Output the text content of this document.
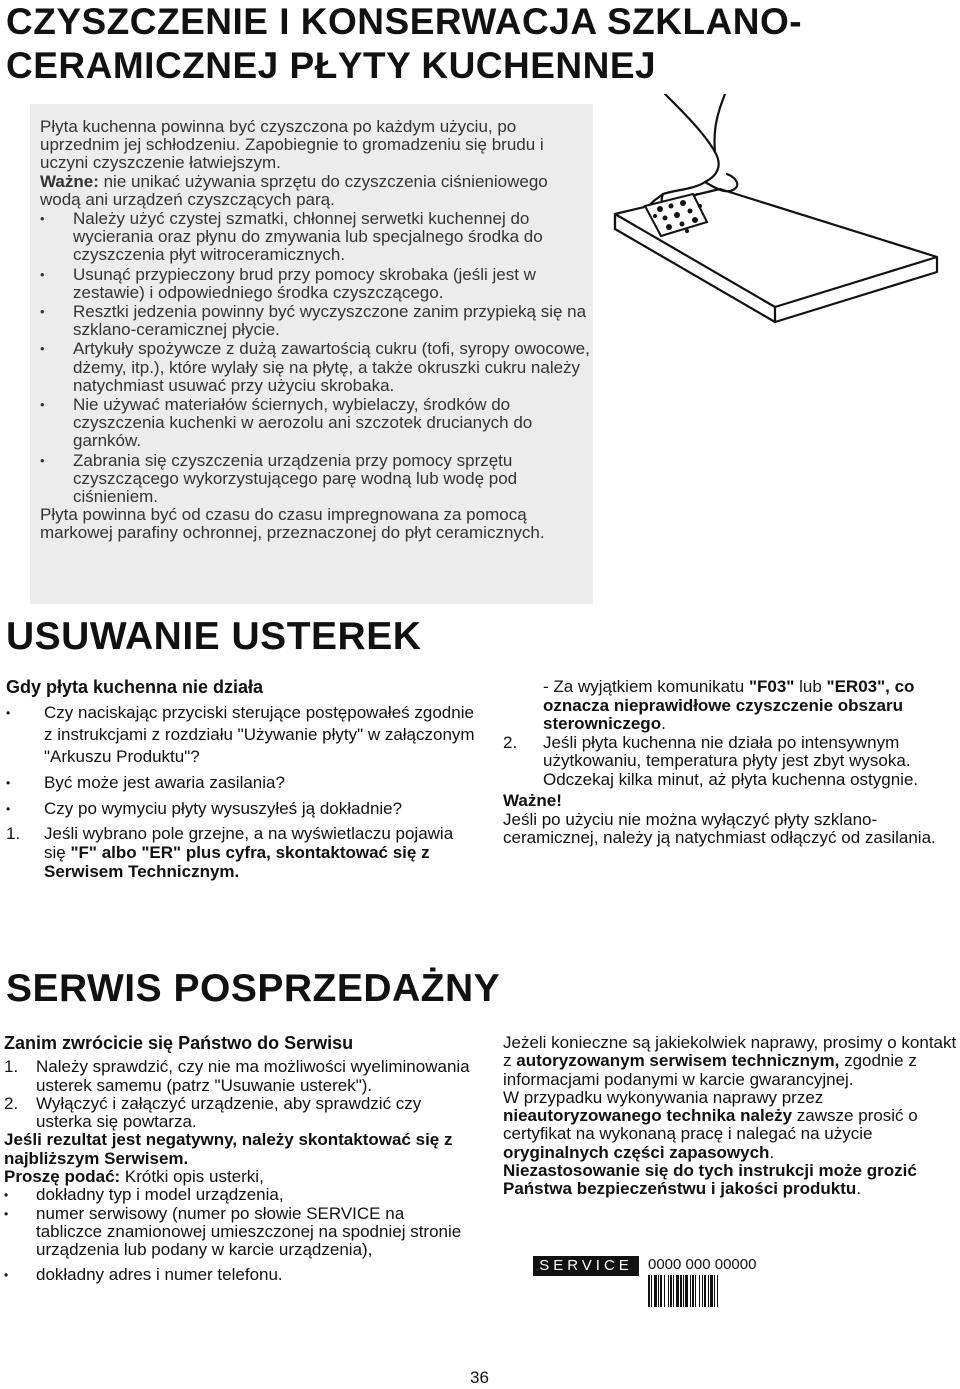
CZYSZCZENIE I KONSERWACJA SZKLANO-
CERAMICZNEJ PŁYTY KUCHENNEJ

Płyta kuchenna powinna być czyszczona po każdym użyciu, po uprzednim jej schłodzeniu. Zapobiegnie to gromadzeniu się brudu i uczyni czyszczenie łatwiejszym.

Ważne: nie unikać używania sprzętu do czyszczenia ciśnieniowego wodą ani urządzeń czyszczących parą.

• Należy użyć czystej szmatki, chłonnej serwetki kuchennej do wycierania oraz płynu do zmywania lub specjalnego środka do czyszczenia płyt witroceramicznych.
• Usunąć przypieczony brud przy pomocy skrobaka (jeśli jest w zestawie) i odpowiedniego środka czyszczącego.
• Resztki jedzenia powinny być wyczyszczone zanim przypieką się na szklano-ceramicznej płycie.
• Artykuły spożywcze z dużą zawartością cukru (tofi, syropy owocowe, dżemy, itp.), które wylały się na płytę, a także okruszki cukru należy natychmiast usuwać przy użyciu skrobaka.
• Nie używać materiałów ściernych, wybielaczy, środków do czyszczenia kuchenki w aerozolu ani szczotek drucianych do garnków.
• Zabrania się czyszczenia urządzenia przy pomocy sprzętu czyszczącego wykorzystującego parę wodną lub wodę pod ciśnieniem.

Płyta powinna być od czasu do czasu impregnowana za pomocą markowej parafiny ochronnej, przeznaczonej do płyt ceramicznych.

USUWANIE USTEREK

Gdy płyta kuchenna nie działa

• Czy naciskając przyciski sterujące postępowałeś zgodnie z instrukcjami z rozdziału "Używanie płyty" w załączonym "Arkuszu Produktu"?
• Być może jest awaria zasilania?
• Czy po wymyciu płyty wysuszyłeś ją dokładnie?
1. Jeśli wybrano pole grzejne, a na wyświetlaczu pojawia się "F" albo "ER" plus cyfra, skontaktować się z Serwisem Technicznym.

- Za wyjątkiem komunikatu "F03" lub "ER03", co oznacza nieprawidłowe czyszczenie obszaru sterowniczego.

2. Jeśli płyta kuchenna nie działa po intensywnym użytkowaniu, temperatura płyty jest zbyt wysoka. Odczekaj kilka minut, aż płyta kuchenna ostygnie.

Ważne!

Jeśli po użyciu nie można wyłączyć płyty szklano-ceramicznej, należy ją natychmiast odłączyć od zasilania.

SERWIS POSPRZEDAŻNY

Zanim zwrócicie się Państwo do Serwisu

1. Należy sprawdzić, czy nie ma możliwości wyeliminowania usterek samemu (patrz "Usuwanie usterek").
2. Wyłączyć i załączyć urządzenie, aby sprawdzić czy usterka się powtarza.

Jeśli rezultat jest negatywny, należy skontaktować się z najbliższym Serwisem.

Proszę podać: Krótki opis usterki,

• dokładny typ i model urządzenia,
• numer serwisowy (numer po słowie SERVICE na tabliczce znamionowej umieszczonej na spodniej stronie urządzenia lub podany w karcie urządzenia),
• dokładny adres i numer telefonu.

Jeżeli konieczne są jakiekolwiek naprawy, prosimy o kontakt z autoryzowanym serwisem technicznym, zgodnie z informacjami podanymi w karcie gwarancyjnej.

W przypadku wykonywania naprawy przez nieautoryzowanego technika należy zawsze prosić o certyfikat na wykonaną pracę i nalegać na użycie oryginalnych części zapasowych.

Niezastosowanie się do tych instrukcji może grozić Państwa bezpieczeństwu i jakości produktu.

SERVICE	0000 000 00000
36
